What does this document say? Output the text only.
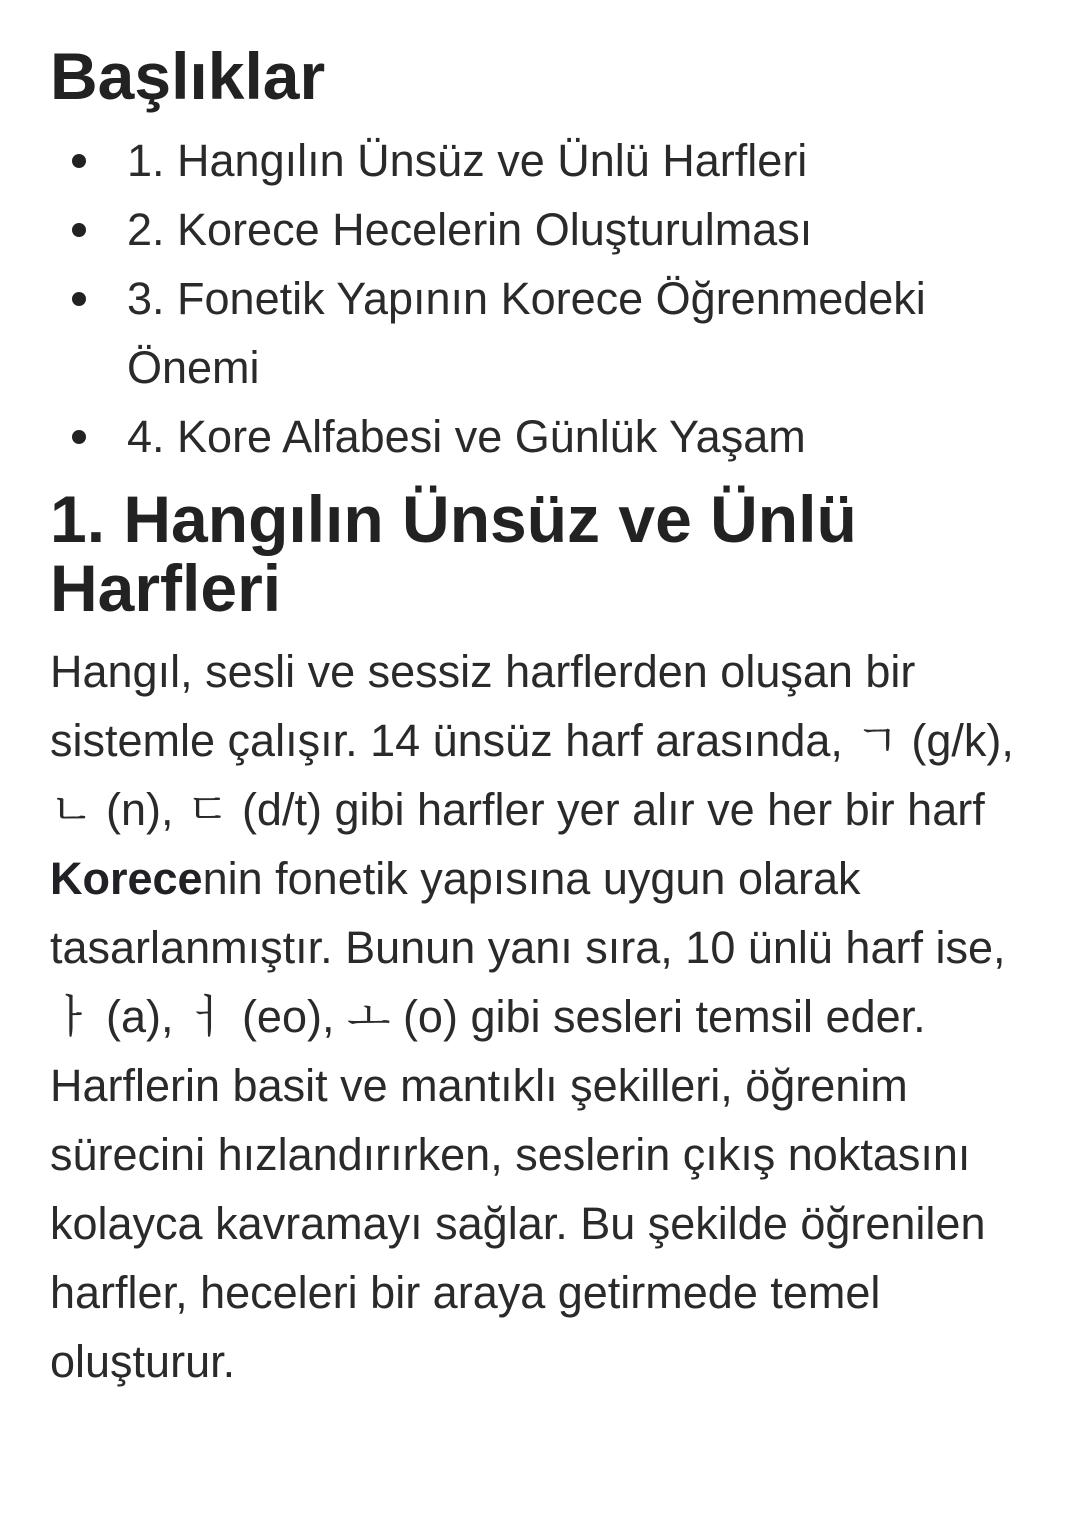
Başlıklar
1. Hangılın Ünsüz ve Ünlü Harfleri
2. Korece Hecelerin Oluşturulması
3. Fonetik Yapının Korece Öğrenmedeki Önemi
4. Kore Alfabesi ve Günlük Yaşam
1. Hangılın Ünsüz ve Ünlü Harfleri

Hangıl, sesli ve sessiz harflerden oluşan bir sistemle çalışır. 14 ünsüz harf arasında, ㄱ (g/k), ㄴ (n), ㄷ (d/t) gibi harfler yer alır ve her bir harf Korecenin fonetik yapısına uygun olarak tasarlanmıştır. Bunun yanı sıra, 10 ünlü harf ise, ㅏ (a), ㅓ (eo), ㅗ (o) gibi sesleri temsil eder. Harflerin basit ve mantıklı şekilleri, öğrenim sürecini hızlandırırken, seslerin çıkış noktasını kolayca kavramayı sağlar. Bu şekilde öğrenilen harfler, heceleri bir araya getirmede temel oluşturur.
